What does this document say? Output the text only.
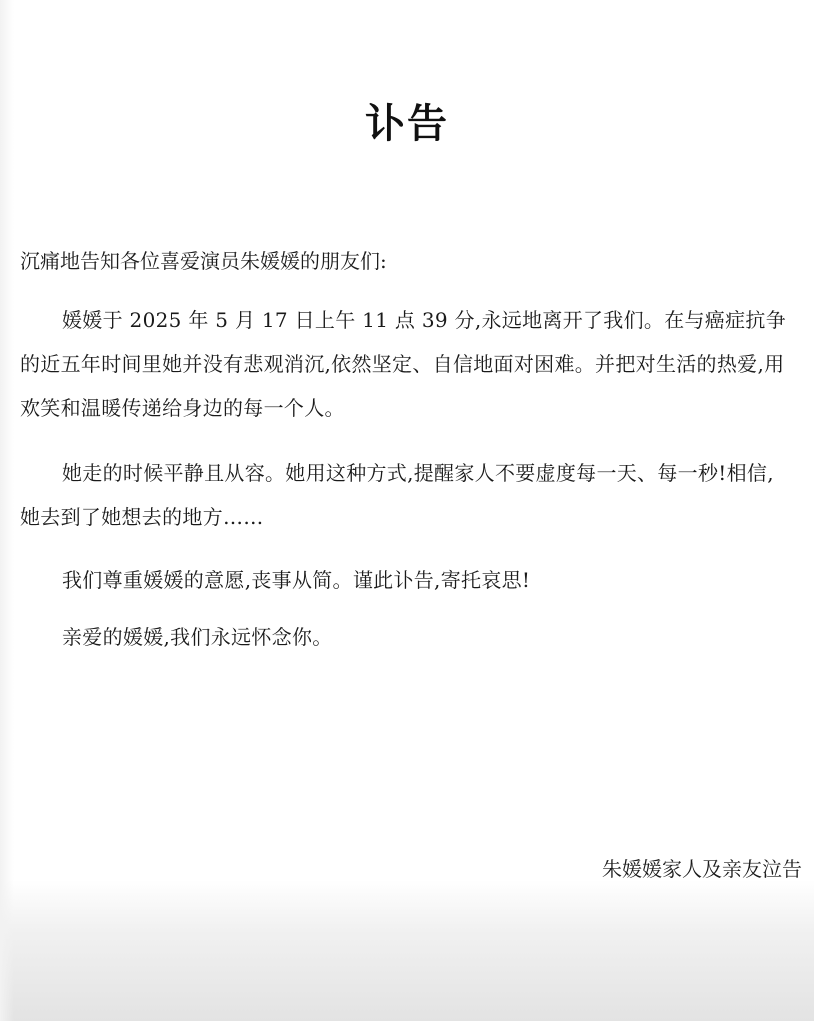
讣告
沉痛地告知各位喜爱演员朱媛媛的朋友们:
媛媛于 2025 年 5 月 17 日上午 11 点 39 分,永远地离开了我们。在与癌症抗争的近五年时间里她并没有悲观消沉,依然坚定、自信地面对困难。并把对生活的热爱,用欢笑和温暖传递给身边的每一个人。
她走的时候平静且从容。她用这种方式,提醒家人不要虚度每一天、每一秒!相信,她去到了她想去的地方……
我们尊重媛媛的意愿,丧事从简。谨此讣告,寄托哀思!
亲爱的媛媛,我们永远怀念你。
朱媛媛家人及亲友泣告
